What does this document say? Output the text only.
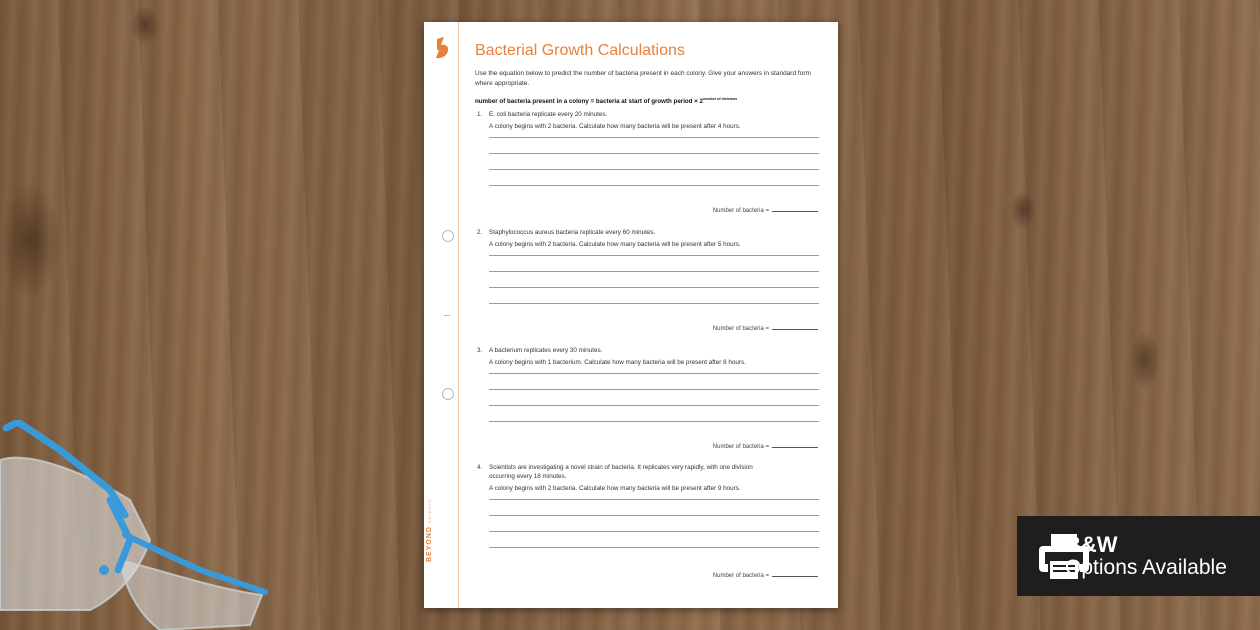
BEYOND SCIENCE
Bacterial Growth Calculations
Use the equation below to predict the number of bacteria present in each colony. Give your answers in standard form where appropriate.
number of bacteria present in a colony = bacteria at start of growth period × $2^{number of divisions}$
1. E. coli bacteria replicate every 20 minutes.
A colony begins with 2 bacteria. Calculate how many bacteria will be present after 4 hours.
Number of bacteria =
2. Staphylococcus aureus bacteria replicate every 60 minutes.
A colony begins with 2 bacteria. Calculate how many bacteria will be present after 5 hours.
Number of bacteria =
3. A bacterium replicates every 30 minutes.
A colony begins with 1 bacterium. Calculate how many bacteria will be present after 8 hours.
Number of bacteria =
4. Scientists are investigating a novel strain of bacteria. It replicates very rapidly, with one division
occurring every 18 minutes.
A colony begins with 2 bacteria. Calculate how many bacteria will be present after 9 hours.
Number of bacteria =
B&W
Options Available
